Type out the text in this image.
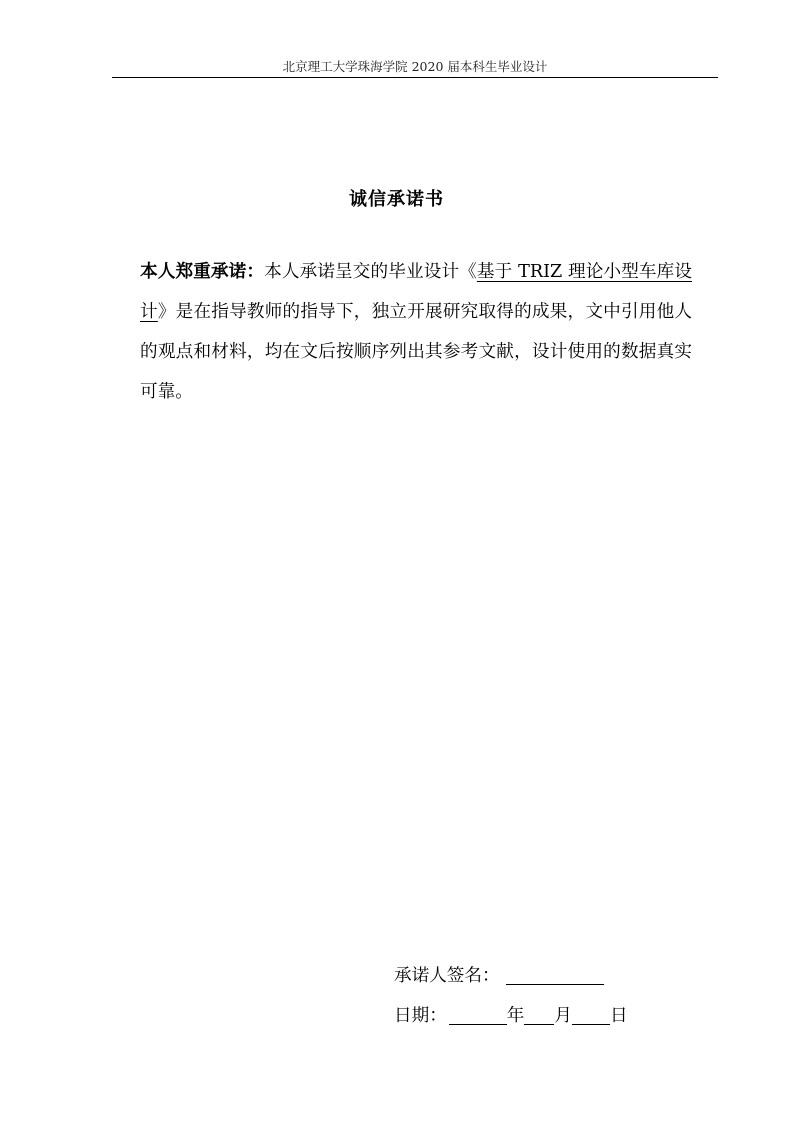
北京理工大学珠海学院 2020 届本科生毕业设计
诚信承诺书
本人郑重承诺：本人承诺呈交的毕业设计《基于 TRIZ 理论小型车库设计》是在指导教师的指导下，独立开展研究取得的成果，文中引用他人的观点和材料，均在文后按顺序列出其参考文献，设计使用的数据真实可靠。
承诺人签名：
日期：	年 月 日
